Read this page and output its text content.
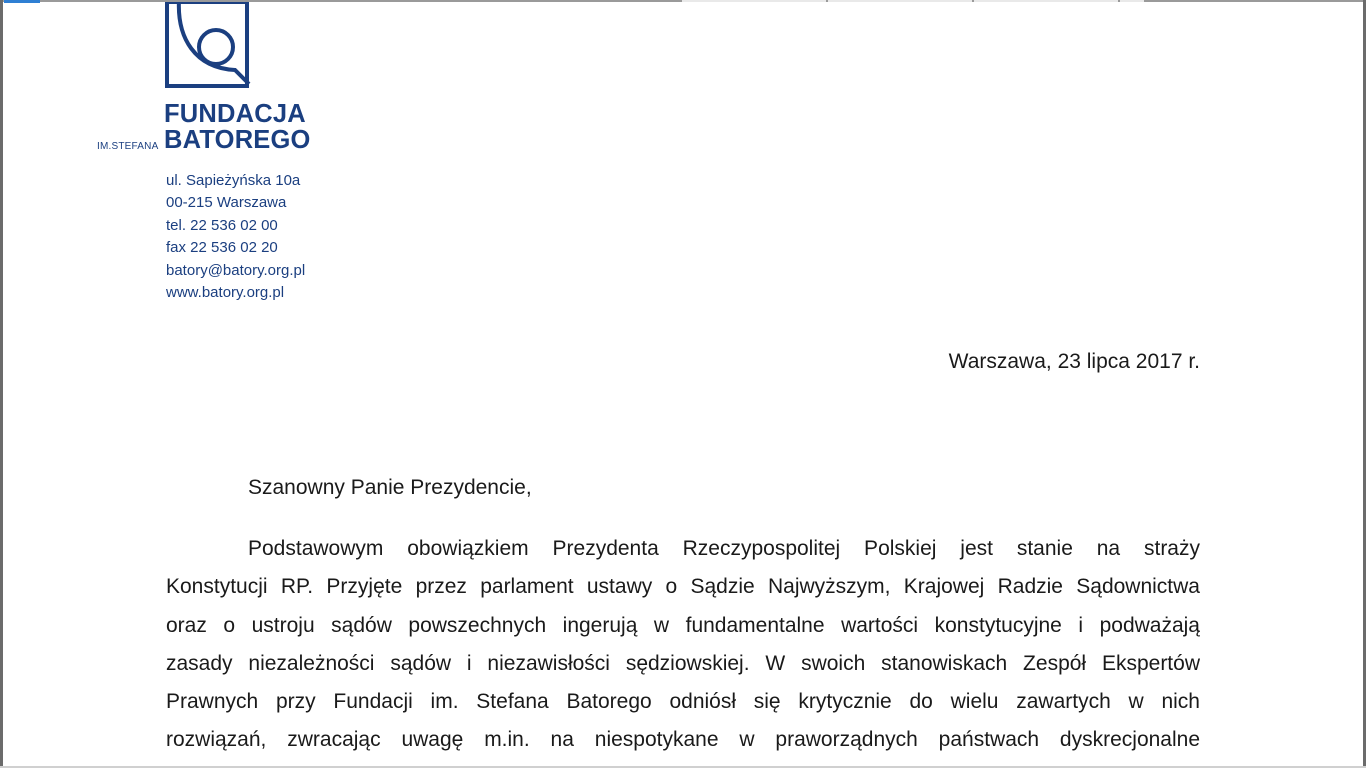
FUNDACJA
BATOREGO
IM.STEFANA
ul. Sapieżyńska 10a
00-215 Warszawa
tel. 22 536 02 00
fax 22 536 02 20
batory@batory.org.pl
www.batory.org.pl
Warszawa, 23 lipca 2017 r.
Szanowny Panie Prezydencie,
Podstawowym obowiązkiem Prezydenta Rzeczypospolitej Polskiej jest stanie na straży
Konstytucji RP. Przyjęte przez parlament ustawy o Sądzie Najwyższym, Krajowej Radzie Sądownictwa
oraz o ustroju sądów powszechnych ingerują w fundamentalne wartości konstytucyjne i podważają
zasady niezależności sądów i niezawisłości sędziowskiej. W swoich stanowiskach Zespół Ekspertów
Prawnych przy Fundacji im. Stefana Batorego odniósł się krytycznie do wielu zawartych w nich
rozwiązań, zwracając uwagę m.in. na niespotykane w praworządnych państwach dyskrecjonalne
